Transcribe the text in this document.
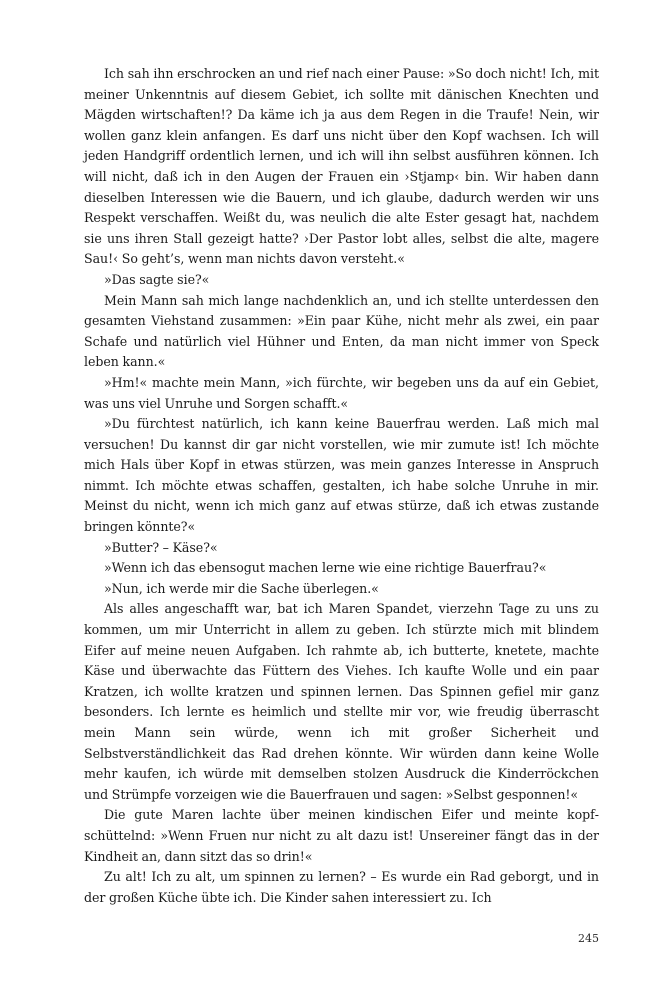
Ich sah ihn erschrocken an und rief nach einer Pause: »So doch nicht! Ich, mit meiner Unkenntnis auf diesem Gebiet, ich sollte mit dänischen Knechten und Mägden wirtschaften!? Da käme ich ja aus dem Regen in die Traufe! Nein, wir wollen ganz klein anfangen. Es darf uns nicht über den Kopf wachsen. Ich will jeden Handgriff ordentlich lernen, und ich will ihn selbst ausführen können. Ich will nicht, daß ich in den Augen der Frauen ein ›Stjamp‹ bin. Wir haben dann dieselben Interessen wie die Bauern, und ich glaube, dadurch werden wir uns Respekt verschaffen. Weißt du, was neulich die alte Ester gesagt hat, nachdem sie uns ihren Stall gezeigt hatte? ›Der Pastor lobt alles, selbst die alte, magere Sau!‹ So geht’s, wenn man nichts davon versteht.«

»Das sagte sie?«

Mein Mann sah mich lange nachdenklich an, und ich stellte unterdessen den gesamten Viehstand zusammen: »Ein paar Kühe, nicht mehr als zwei, ein paar Schafe und natürlich viel Hühner und Enten, da man nicht immer von Speck leben kann.«

»Hm!« machte mein Mann, »ich fürchte, wir begeben uns da auf ein Gebiet, was uns viel Unruhe und Sorgen schafft.«

»Du fürchtest natürlich, ich kann keine Bauerfrau werden. Laß mich mal versuchen! Du kannst dir gar nicht vorstellen, wie mir zumute ist! Ich möchte mich Hals über Kopf in etwas stürzen, was mein ganzes Interesse in Anspruch nimmt. Ich möchte etwas schaffen, gestalten, ich habe solche Unruhe in mir. Meinst du nicht, wenn ich mich ganz auf etwas stürze, daß ich etwas zustande bringen könnte?«

»Butter? – Käse?«

»Wenn ich das ebensogut machen lerne wie eine richtige Bauerfrau?«

»Nun, ich werde mir die Sache überlegen.«

Als alles angeschafft war, bat ich Maren Spandet, vierzehn Tage zu uns zu kommen, um mir Unterricht in allem zu geben. Ich stürzte mich mit blindem Eifer auf meine neuen Aufgaben. Ich rahmte ab, ich butterte, knetete, machte Käse und überwachte das Füttern des Viehes. Ich kaufte Wolle und ein paar Kratzen, ich wollte kratzen und spinnen lernen. Das Spinnen gefiel mir ganz besonders. Ich lernte es heimlich und stellte mir vor, wie freudig überrascht mein Mann sein würde, wenn ich mit großer Sicherheit und Selbstverständlichkeit das Rad drehen könnte. Wir würden dann keine Wolle mehr kaufen, ich würde mit demselben stolzen Ausdruck die Kinderröckchen und Strümpfe vorzeigen wie die Bauerfrauen und sagen: »Selbst gesponnen!«

Die gute Maren lachte über meinen kindischen Eifer und meinte kopfschüttelnd: »Wenn Fruen nur nicht zu alt dazu ist! Unsereiner fängt das in der Kindheit an, dann sitzt das so drin!«

Zu alt! Ich zu alt, um spinnen zu lernen? – Es wurde ein Rad geborgt, und in der großen Küche übte ich. Die Kinder sahen interessiert zu. Ich

245
